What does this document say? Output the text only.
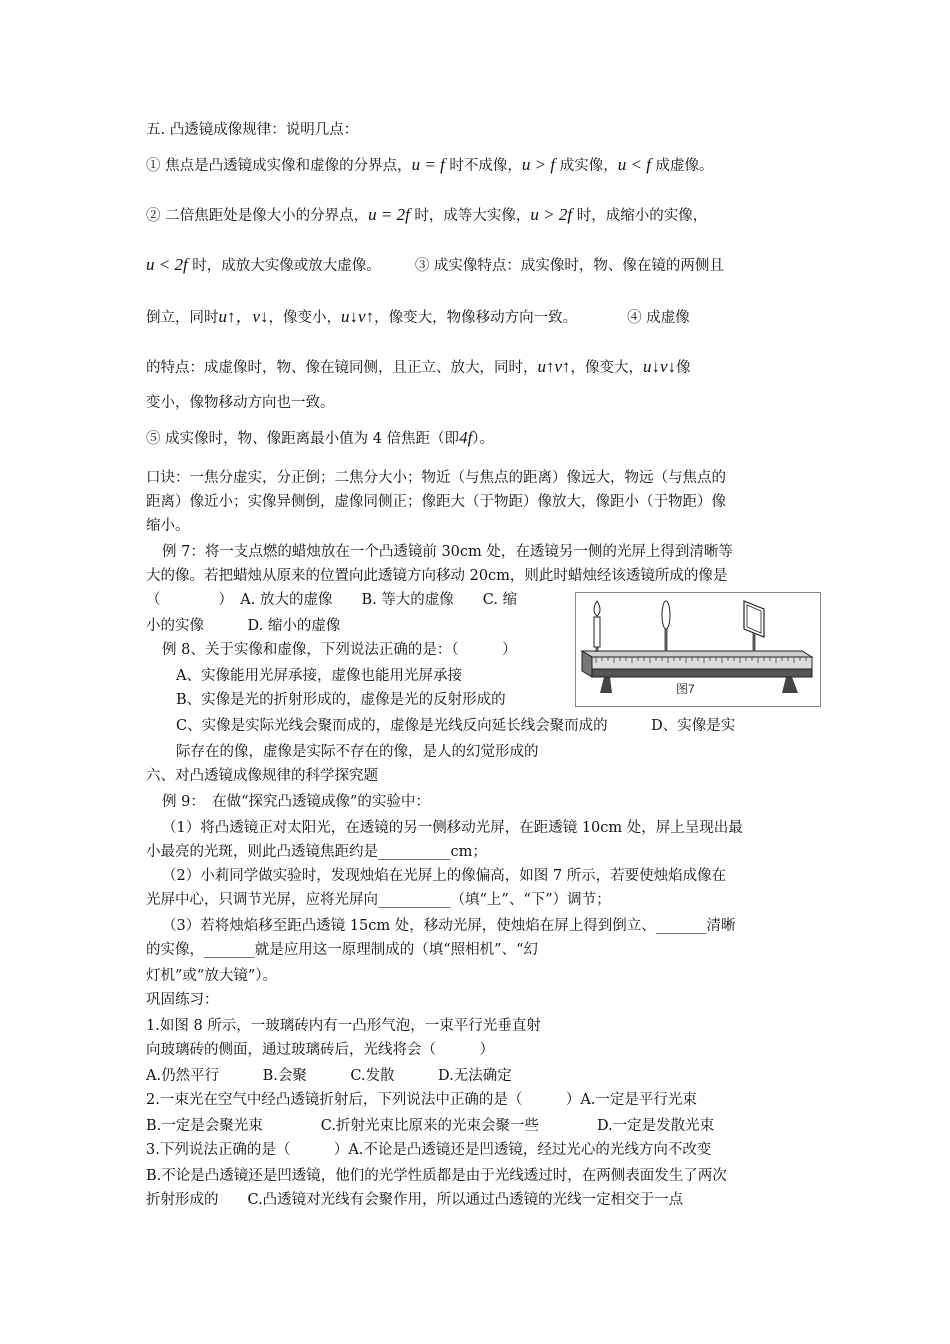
五. 凸透镜成像规律：说明几点：
① 焦点是凸透镜成实像和虚像的分界点，u = f 时不成像，u > f 成实像，u < f 成虚像。
② 二倍焦距处是像大小的分界点，u = 2f 时，成等大实像，u > 2f 时，成缩小的实像，
u < 2f 时，成放大实像或放大虚像。 ③ 成实像特点：成实像时，物、像在镜的两侧且
倒立，同时u↑，v↓，像变小，u↓v↑，像变大，物像移动方向一致。	④ 成虚像
的特点：成虚像时，物、像在镜同侧，且正立、放大，同时，u↑v↑，像变大，u↓v↓像
变小，像物移动方向也一致。
⑤ 成实像时，物、像距离最小值为 4 倍焦距（即4f）。
口诀：一焦分虚实，分正倒；二焦分大小；物近（与焦点的距离）像远大，物远（与焦点的
距离）像近小；实像异侧倒，虚像同侧正；像距大（于物距）像放大，像距小（于物距）像
缩小。
例 7：将一支点燃的蜡烛放在一个凸透镜前 30cm 处，在透镜另一侧的光屏上得到清晰等
大的像。若把蜡烛从原来的位置向此透镜方向移动 20cm，则此时蜡烛经该透镜所成的像是
（　　　　）　A. 放大的虚像　　B. 等大的虚像　　C. 缩
小的实像　　　D. 缩小的虚像
图7
例 8、关于实像和虚像，下列说法正确的是：（　　　）
A、实像能用光屏承接，虚像也能用光屏承接
B、实像是光的折射形成的，虚像是光的反射形成的
C、实像是实际光线会聚而成的，虚像是光线反向延长线会聚而成的　　　D、实像是实
际存在的像，虚像是实际不存在的像，是人的幻觉形成的
六、对凸透镜成像规律的科学探究题
例 9：　在做“探究凸透镜成像”的实验中：
（1）将凸透镜正对太阳光，在透镜的另一侧移动光屏，在距透镜 10cm 处，屏上呈现出最
小最亮的光斑，则此凸透镜焦距约是__________cm；
（2）小莉同学做实验时，发现烛焰在光屏上的像偏高，如图 7 所示，若要使烛焰成像在
光屏中心，只调节光屏，应将光屏向__________（填“上”、“下”）调节；
（3）若将烛焰移至距凸透镜 15cm 处，移动光屏，使烛焰在屏上得到倒立、_______清晰
的实像，_______就是应用这一原理制成的（填“照相机”、“幻
灯机”或“放大镜”）。
巩固练习：
1.如图 8 所示，一玻璃砖内有一凸形气泡，一束平行光垂直射
向玻璃砖的侧面，通过玻璃砖后，光线将会（　　　）
A.仍然平行　　　B.会聚　　　C.发散　　　D.无法确定
2.一束光在空气中经凸透镜折射后，下列说法中正确的是（　　　）A.一定是平行光束
B.一定是会聚光束　　　　C.折射光束比原来的光束会聚一些　　　　D.一定是发散光束
3.下列说法正确的是（　　　）A.不论是凸透镜还是凹透镜，经过光心的光线方向不改变
B.不论是凸透镜还是凹透镜，他们的光学性质都是由于光线透过时，在两侧表面发生了两次
折射形成的　　C.凸透镜对光线有会聚作用，所以通过凸透镜的光线一定相交于一点
